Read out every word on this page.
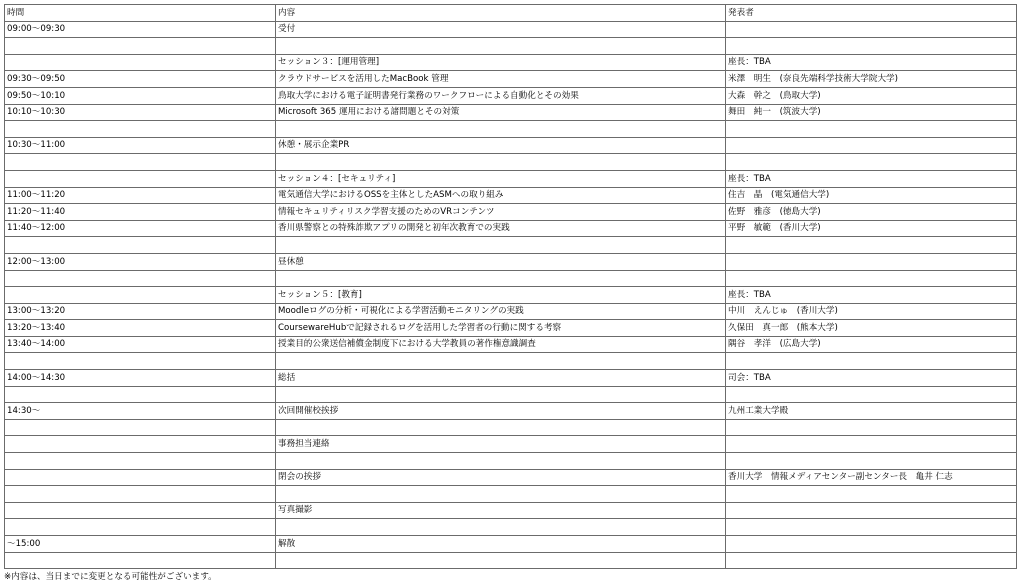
時間	内容	発表者
09:00～09:30	受付	

	セッション３：[運用管理]	座長：TBA
09:30～09:50	クラウドサービスを活用したMacBook 管理	米澤　明生　(奈良先端科学技術大学院大学)
09:50～10:10	鳥取大学における電子証明書発行業務のワークフローによる自動化とその効果	大森　幹之　(鳥取大学)
10:10～10:30	Microsoft 365 運用における諸問題とその対策	舞田　純一　(筑波大学)

10:30～11:00	休憩・展示企業PR	

	セッション４：[セキュリティ]	座長：TBA
11:00～11:20	電気通信大学におけるOSSを主体としたASMへの取り組み	住吉　晶　(電気通信大学)
11:20～11:40	情報セキュリティリスク学習支援のためのVRコンテンツ	佐野　雅彦　(徳島大学)
11:40～12:00	香川県警察との特殊詐欺アプリの開発と初年次教育での実践	平野　敏範　(香川大学)

12:00～13:00	昼休憩	

	セッション５：[教育]	座長：TBA
13:00～13:20	Moodleログの分析・可視化による学習活動モニタリングの実践	中川　えんじゅ　(香川大学)
13:20～13:40	CoursewareHubで記録されるログを活用した学習者の行動に関する考察	久保田　真一郎　(熊本大学)
13:40～14:00	授業目的公衆送信補償金制度下における大学教員の著作権意識調査	隅谷　孝洋　(広島大学)

14:00～14:30	総括	司会：TBA

14:30～	次回開催校挨拶	九州工業大学殿

	事務担当連絡	

	閉会の挨拶	香川大学　情報メディアセンター副センター長　亀井 仁志

	写真撮影	

～15:00	解散	

※内容は、当日までに変更となる可能性がございます。
